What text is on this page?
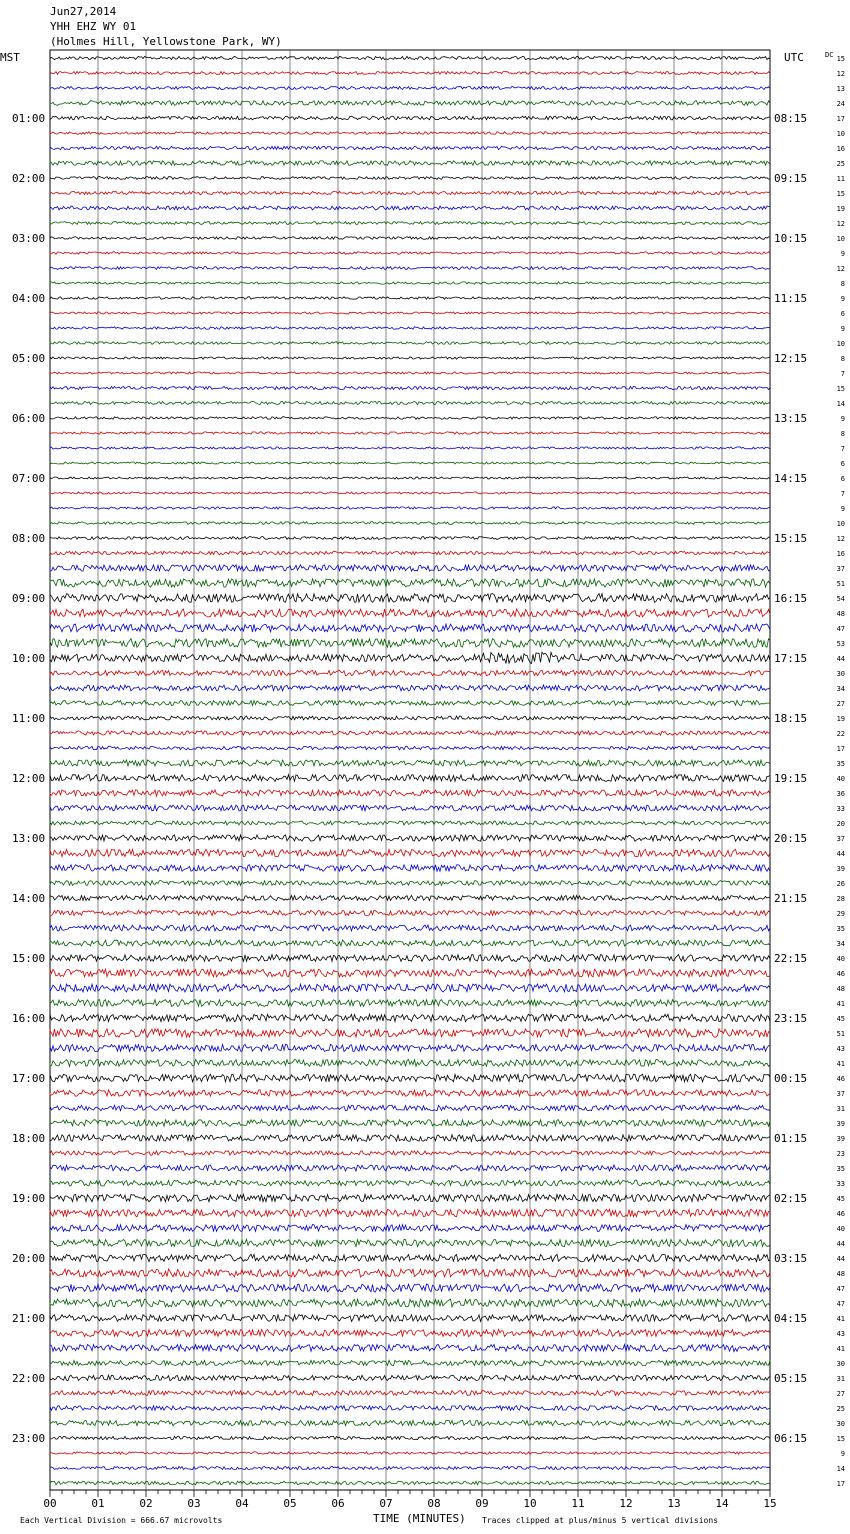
Jun27,2014
YHH EHZ WY 01
(Holmes Hill, Yellowstone Park, WY)
01:00
02:00
03:00
04:00
05:00
06:00
07:00
08:00
09:00
10:00
11:00
12:00
13:00
14:00
15:00
16:00
17:00
18:00
19:00
20:00
21:00
22:00
23:00
08:15
09:15
10:15
11:15
12:15
13:15
14:15
15:15
16:15
17:15
18:15
19:15
20:15
21:15
22:15
23:15
00:15
01:15
02:15
03:15
04:15
05:15
06:15
15
12
13
24
17
10
16
25
11
15
19
12
10
9
12
8
9
6
9
10
8
7
15
14
9
8
7
6
6
7
9
10
12
16
37
51
54
48
47
53
44
30
34
27
19
22
17
35
40
36
33
20
37
44
39
26
28
29
35
34
40
46
48
41
45
51
43
41
46
37
31
39
39
23
35
33
45
46
40
44
44
48
47
47
41
43
41
30
31
27
25
30
15
9
14
17
00	01	02	03	04	05	06	07	08	09	10	11	12	13	14	15
MST	UTC	DC
Each Vertical Division = 666.67 microvolts	TIME (MINUTES) Traces clipped at plus/minus 5 vertical divisions
